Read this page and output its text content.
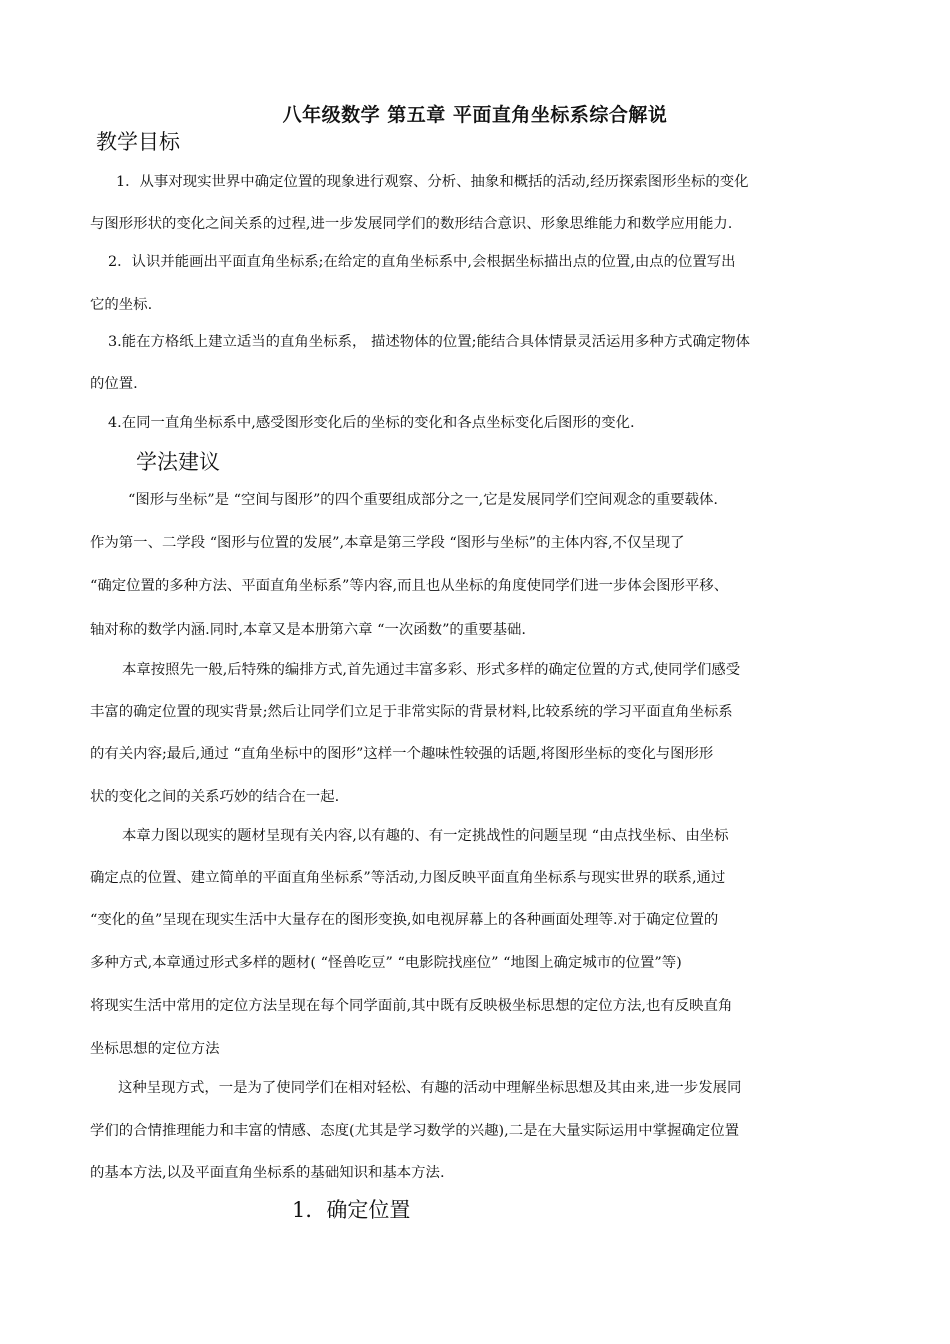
八年级数学 第五章 平面直角坐标系综合解说
教学目标
1．从事对现实世界中确定位置的现象进行观察、分析、抽象和概括的活动,经历探索图形坐标的变化
与图形形状的变化之间关系的过程,进一步发展同学们的数形结合意识、形象思维能力和数学应用能力.
2．认识并能画出平面直角坐标系;在给定的直角坐标系中,会根据坐标描出点的位置,由点的位置写出
它的坐标.
3.能在方格纸上建立适当的直角坐标系， 描述物体的位置;能结合具体情景灵活运用多种方式确定物体
的位置.
4.在同一直角坐标系中,感受图形变化后的坐标的变化和各点坐标变化后图形的变化.
学法建议
“图形与坐标”是 “空间与图形”的四个重要组成部分之一,它是发展同学们空间观念的重要载体.
作为第一、二学段 “图形与位置的发展”,本章是第三学段 “图形与坐标”的主体内容,不仅呈现了
“确定位置的多种方法、平面直角坐标系”等内容,而且也从坐标的角度使同学们进一步体会图形平移、
轴对称的数学内涵.同时,本章又是本册第六章 “一次函数”的重要基础.
本章按照先一般,后特殊的编排方式,首先通过丰富多彩、形式多样的确定位置的方式,使同学们感受
丰富的确定位置的现实背景;然后让同学们立足于非常实际的背景材料,比较系统的学习平面直角坐标系
的有关内容;最后,通过 “直角坐标中的图形”这样一个趣味性较强的话题,将图形坐标的变化与图形形
状的变化之间的关系巧妙的结合在一起.
本章力图以现实的题材呈现有关内容,以有趣的、有一定挑战性的问题呈现 “由点找坐标、由坐标
确定点的位置、建立简单的平面直角坐标系”等活动,力图反映平面直角坐标系与现实世界的联系,通过
“变化的鱼”呈现在现实生活中大量存在的图形变换,如电视屏幕上的各种画面处理等.对于确定位置的
多种方式,本章通过形式多样的题材( “怪兽吃豆” “电影院找座位” “地图上确定城市的位置”等)
将现实生活中常用的定位方法呈现在每个同学面前,其中既有反映极坐标思想的定位方法,也有反映直角
坐标思想的定位方法
这种呈现方式，一是为了使同学们在相对轻松、有趣的活动中理解坐标思想及其由来,进一步发展同
学们的合情推理能力和丰富的情感、态度(尤其是学习数学的兴趣),二是在大量实际运用中掌握确定位置
的基本方法,以及平面直角坐标系的基础知识和基本方法.
1．确定位置
